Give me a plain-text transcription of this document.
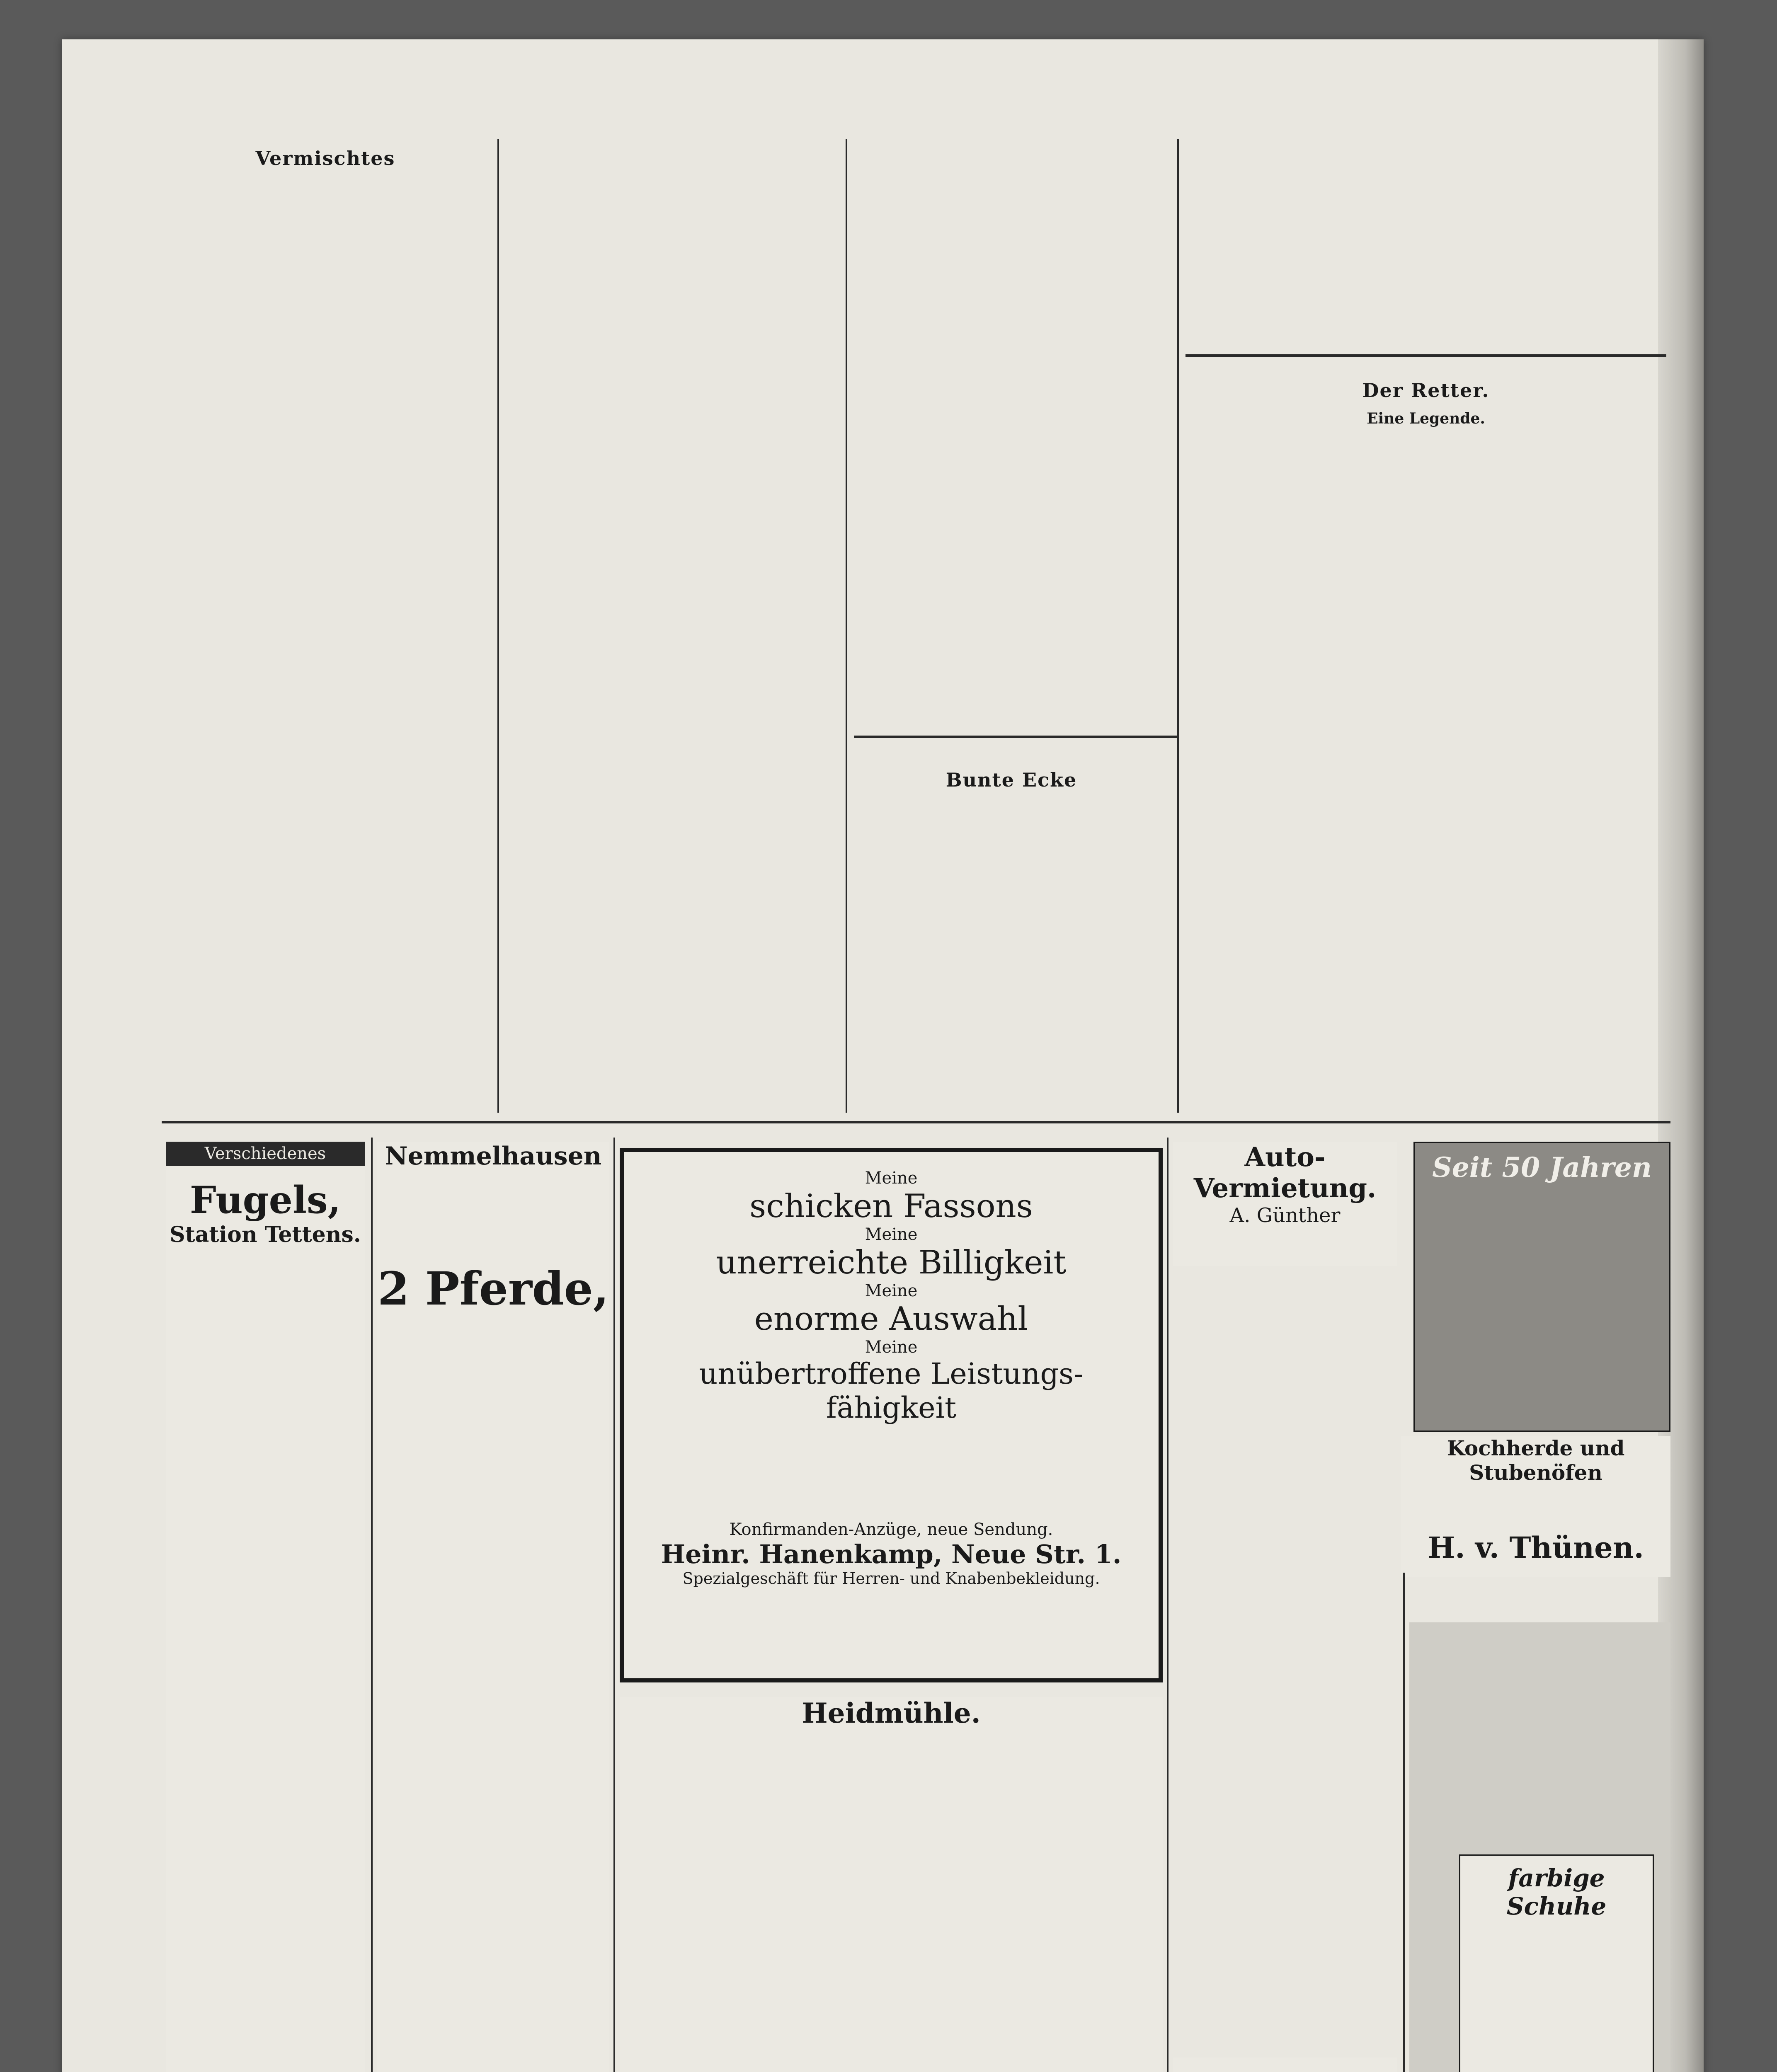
Vermischtes
Bunte Ecke
Der Retter.
Eine Legende.
Verschiedenes
Fugels,
Station Tettens.
Nemmelhausen
2 Pferde,
Meine
schicken Fassons
Meine
unerreichte Billigkeit
Meine
enorme Auswahl
Meine
unübertroffene Leistungs-
fähigkeit
Konfirmanden-Anzüge, neue Sendung.
Heinr. Hanenkamp, Neue Str. 1.
Spezialgeschäft für Herren- und Knabenbekleidung.
Heidmühle.
Auto-
Vermietung.
A. Günther
Seit 50 Jahren
Kochherde und Stubenöfen
H. v. Thünen.
farbige Schuhe
